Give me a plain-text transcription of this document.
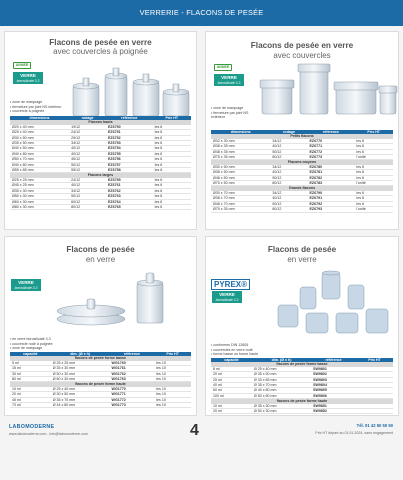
VERRERIE - FLACONS DE PESÉE
Flacons de pesée en verre
avec couvercles à poignée
ANNEE
VERRE
borosilicaté 3.3
• zone de marquage
• fermeture par joint NS intérieur
• couvercle à poignée
dimensions	rodage	référence	Prix HT
Flacons hauts			
Ø20 x 40 mm	19/12	EZ6750	les 6
Ø25 x 40 mm	24/12	EZ6751	les 6
Ø30 x 50 mm	29/12	EZ6752	les 6
Ø35 x 50 mm	34/12	EZ6753	les 6
Ø40 x 50 mm	40/12	EZ6754	les 6
Ø40 x 80 mm	40/12	EZ6755	les 6
Ø50 x 70 mm	45/12	EZ6756	les 6
Ø40 x 80 mm	50/12	EZ6757	les 6
Ø55 x 85 mm	55/12	EZ6758	les 6
Flacons larges			
Ø25 x 25 mm	24/12	EZ6759	les 6
Ø45 x 25 mm	40/12	EZ6761	les 6
Ø35 x 30 mm	34/12	EZ6762	les 6
Ø50 x 30 mm	50/12	EZ6763	les 6
Ø60 x 30 mm	60/12	EZ6764	les 6
Ø80 x 30 mm	80/12	EZ6765	les 6
Flacons de pesée en verre
avec couvercles
ANNEE
VERRE
borosilicaté 3.3
• zone de marquage
• fermeture par joint NS
extérieur
dimensions	rodage	référence	Prix HT
Petits flacons			
Ø32 x 30 mm	34/12	EZ6770	les 6
Ø38 x 35 mm	40/12	EZ6771	les 6
Ø48 x 35 mm	50/12	EZ6772	les 6
Ø75 x 35 mm	80/12	EZ6773	l'unité
Flacons moyens			
Ø30 x 50 mm	34/12	EZ6780	les 6
Ø38 x 50 mm	40/12	EZ6781	les 6
Ø48 x 50 mm	50/12	EZ6782	les 6
Ø75 x 50 mm	80/12	EZ6783	l'unité
Grands flacons			
Ø30 x 70 mm	34/12	EZ6790	les 6
Ø38 x 70 mm	40/12	EZ6791	les 6
Ø48 x 70 mm	50/12	EZ6792	les 6
Ø75 x 35 mm	80/12	EZ6793	l'unité
Flacons de pesée
en verre
VERRE
borosilicaté 3.3
• en verre borosilicaté 3.3
• couvercle rodé à poignée
• zone de marquage
capacité	dim. (Ø x h)	référence	Prix HT
flacons de pesée forme basse			
5 ml	Ø 25 x 25 mm	WG1760	les 10
15 ml	Ø 35 x 30 mm	WG1761	les 10
30 ml	Ø 50 x 30 mm	WG1762	les 10
80 ml	Ø 60 x 30 mm	WG1763	les 10
flacons de pesée forme haute			
10 ml	Ø 25 x 40 mm	WG1770	les 10
20 ml	Ø 30 x 50 mm	WG1771	les 10
45 ml	Ø 35 x 70 mm	WG1772	les 10
70 ml	Ø 44 x 80 mm	WG1773	les 10
Flacons de pesée
en verre
PYREX®
VERRE
borosilicaté 3.3
• conformes DIN 12605
• couvercles en verre rodé
• forme basse ou forme haute
capacité	dim. (Ø x h)	référence	Prix HT
flacons de pesée forme basse			
8 ml	Ø 25 x 40 mm	SW9801	
20 ml	Ø 35 x 50 mm	SW9802	
25 ml	Ø 30 x 65 mm	SW9803	
40 ml	Ø 35 x 70 mm	SW9804	
60 ml	Ø 40 x 80 mm	SW9805	
100 ml	Ø 50 x 80 mm	SW9806	
flacons de pesée forme haute			
10 ml	Ø 35 x 30 mm	SW9851	
20 ml	Ø 50 x 30 mm	SW9852	
LABOMODERNE
www.labomoderne.com - info@labomoderne.com	4	Tél. 01 42 50 50 50
Prix HT départ au 01.01.2024, sans engagement
